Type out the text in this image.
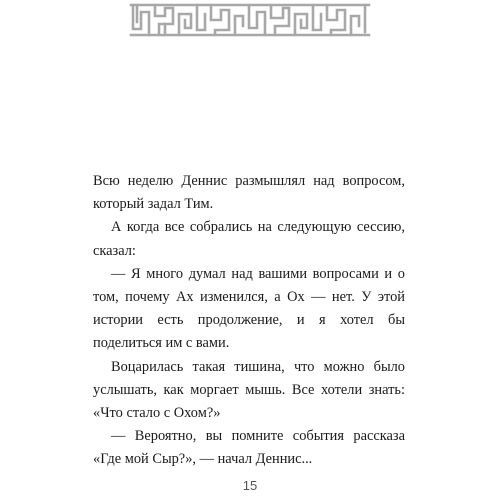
Всю неделю Деннис размышлял над вопросом, который задал Тим.

А когда все собрались на следующую сессию, сказал:

— Я много думал над вашими вопросами и о том, почему Ах изменился, а Ох — нет. У этой истории есть продолжение, и я хотел бы поделиться им с вами.

Воцарилась такая тишина, что можно было услышать, как моргает мышь. Все хотели знать: «Что стало с Охом?»

— Вероятно, вы помните события рассказа «Где мой Сыр?», — начал Деннис...

15
